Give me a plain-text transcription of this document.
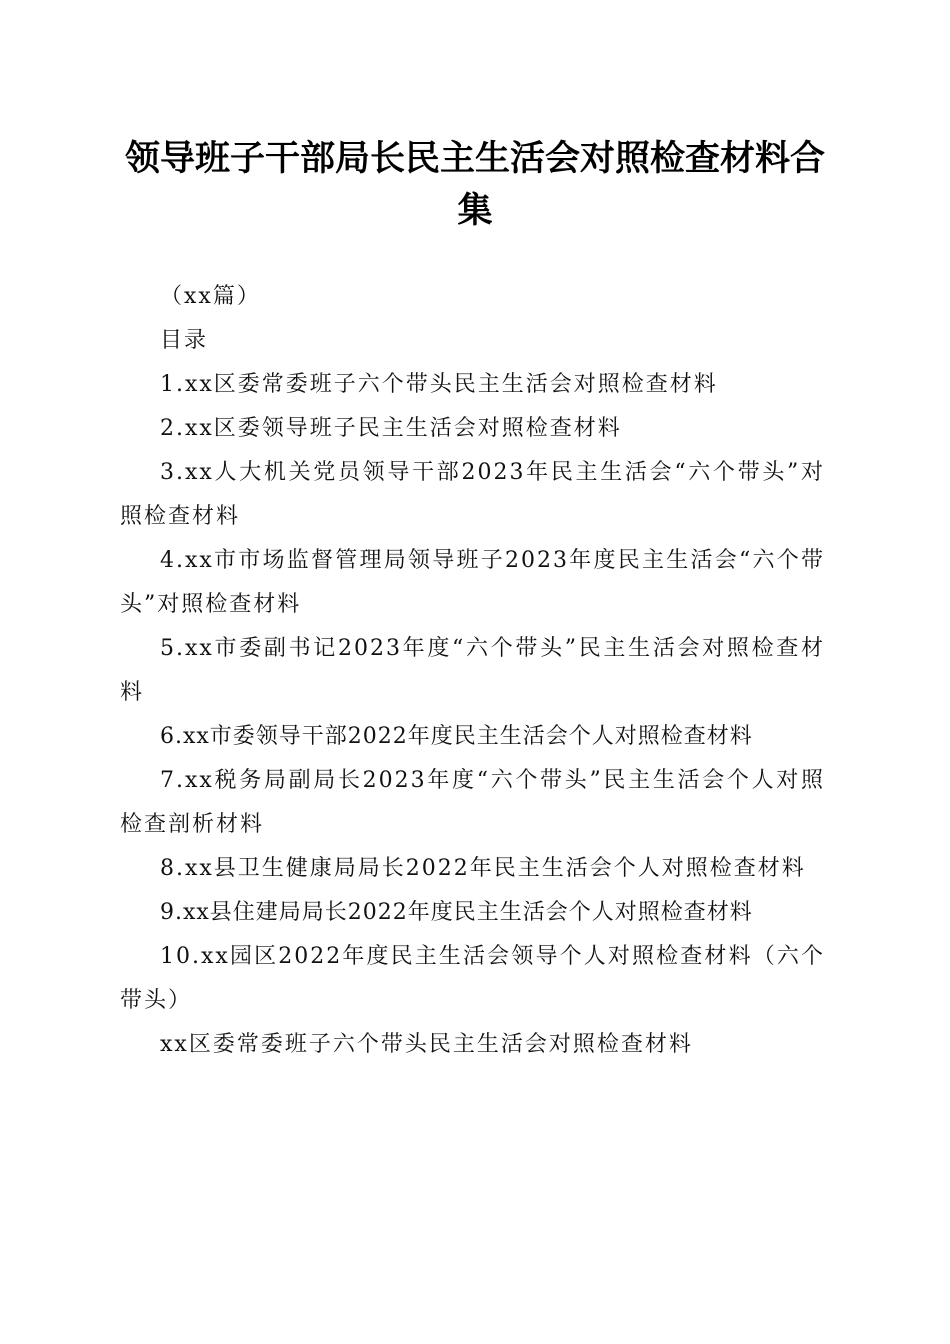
领导班子干部局长民主生活会对照检查材料合集

（xx篇）

目录

1.xx区委常委班子六个带头民主生活会对照检查材料

2.xx区委领导班子民主生活会对照检查材料

3.xx人大机关党员领导干部2023年民主生活会“六个带头”对照检查材料

4.xx市市场监督管理局领导班子2023年度民主生活会“六个带头”对照检查材料

5.xx市委副书记2023年度“六个带头”民主生活会对照检查材料

6.xx市委领导干部2022年度民主生活会个人对照检查材料

7.xx税务局副局长2023年度“六个带头”民主生活会个人对照检查剖析材料

8.xx县卫生健康局局长2022年民主生活会个人对照检查材料

9.xx县住建局局长2022年度民主生活会个人对照检查材料

10.xx园区2022年度民主生活会领导个人对照检查材料（六个带头）

xx区委常委班子六个带头民主生活会对照检查材料
